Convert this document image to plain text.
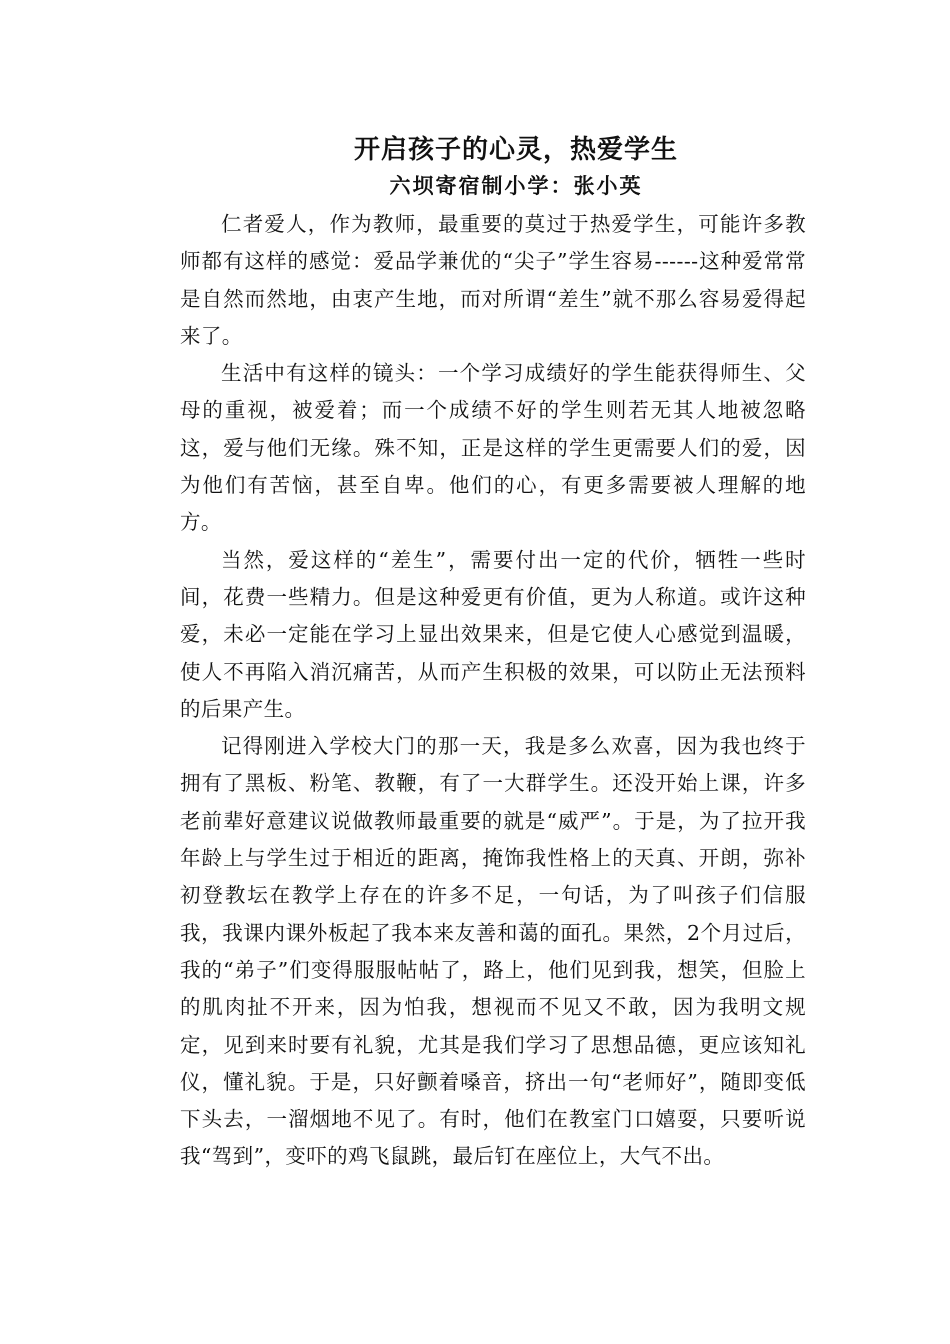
开启孩子的心灵，热爱学生
六坝寄宿制小学：张小英

仁者爱人，作为教师，最重要的莫过于热爱学生，可能许多教师都有这样的感觉：爱品学兼优的“尖子”学生容易------这种爱常常是自然而然地，由衷产生地，而对所谓“差生”就不那么容易爱得起来了。

生活中有这样的镜头：一个学习成绩好的学生能获得师生、父母的重视，被爱着；而一个成绩不好的学生则若无其人地被忽略这，爱与他们无缘。殊不知，正是这样的学生更需要人们的爱，因为他们有苦恼，甚至自卑。他们的心，有更多需要被人理解的地方。

当然，爱这样的“差生”，需要付出一定的代价，牺牲一些时间，花费一些精力。但是这种爱更有价值，更为人称道。或许这种爱，未必一定能在学习上显出效果来，但是它使人心感觉到温暖，使人不再陷入消沉痛苦，从而产生积极的效果，可以防止无法预料的后果产生。

记得刚进入学校大门的那一天，我是多么欢喜，因为我也终于拥有了黑板、粉笔、教鞭，有了一大群学生。还没开始上课，许多老前辈好意建议说做教师最重要的就是“威严”。于是，为了拉开我年龄上与学生过于相近的距离，掩饰我性格上的天真、开朗，弥补初登教坛在教学上存在的许多不足，一句话，为了叫孩子们信服我，我课内课外板起了我本来友善和蔼的面孔。果然，2个月过后，我的“弟子”们变得服服帖帖了，路上，他们见到我，想笑，但脸上的肌肉扯不开来，因为怕我，想视而不见又不敢，因为我明文规定，见到来时要有礼貌，尤其是我们学习了思想品德，更应该知礼仪，懂礼貌。于是，只好颤着嗓音，挤出一句“老师好”，随即变低下头去，一溜烟地不见了。有时，他们在教室门口嬉耍，只要听说我“驾到”，变吓的鸡飞鼠跳，最后钉在座位上，大气不出。
